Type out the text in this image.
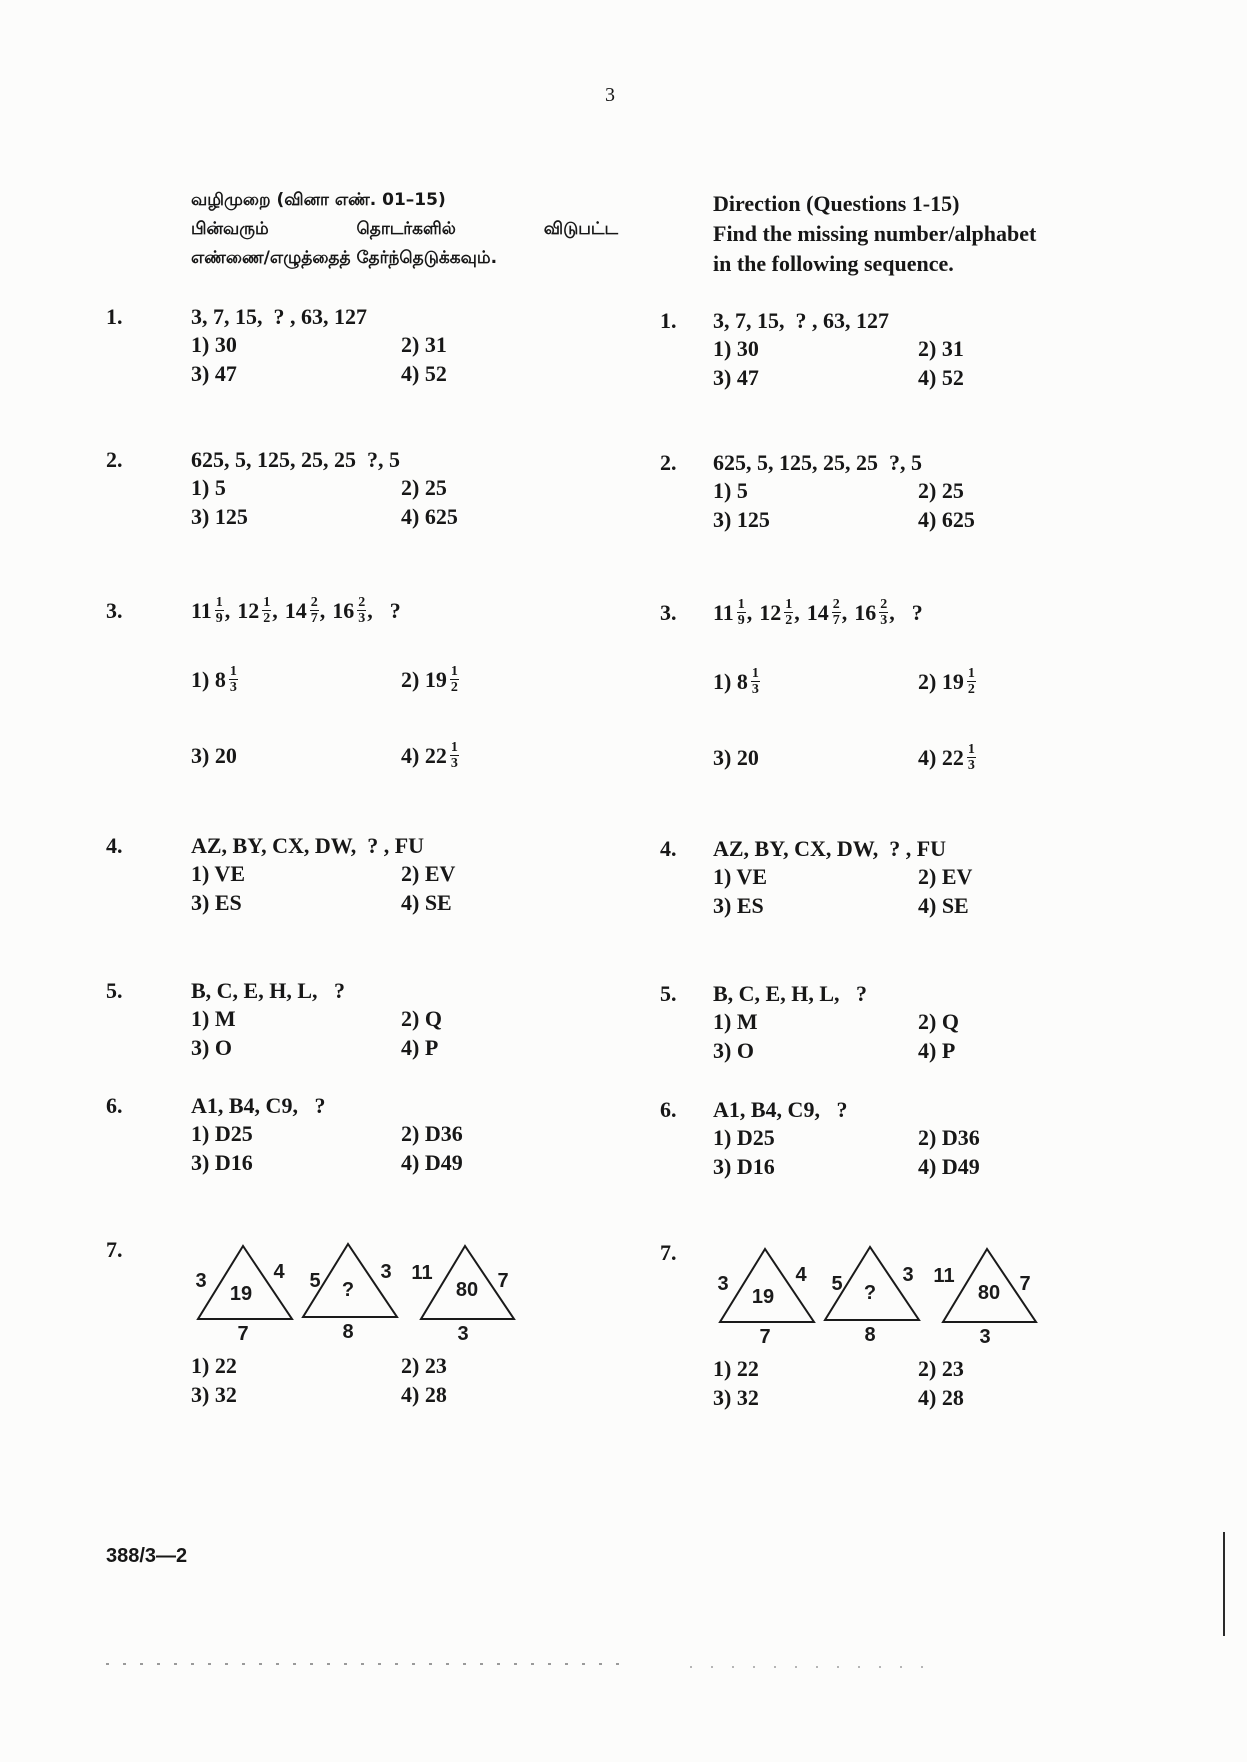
3
வழிமுறை (வினா எண். 01–15)
பின்வரும்	தொடர்களில்	விடுபட்ட
எண்ணை/எழுத்தைத் தேர்ந்தெடுக்கவும்.
Direction (Questions 1-15)
Find the missing number/alphabet
in the following sequence.
1.	3, 7, 15,  ? , 63, 127
1) 30	2) 31
3) 47	4) 52
2.	625, 5, 125, 25, 25  ?, 5
1) 5	2) 25
3) 125	4) 625
3.	$11 \frac{1}{9}$ , $12 \frac{1}{2}$ , $14 \frac{2}{7}$ , $16 \frac{2}{3}$ , ?
1) $8 \frac{1}{3}$	2) $19 \frac{1}{2}$
3) 20	4) $22 \frac{1}{3}$
4.	AZ, BY, CX, DW,  ? , FU
1) VE	2) EV
3) ES	4) SE
5.	B, C, E, H, L,   ?
1) M	2) Q
3) O	4) P
6.	A1, B4, C9,   ?
1) D25	2) D36
3) D16	4) D49
7.
3	4
19
7
5	3
?
8
11	7
80
3
1) 22	2) 23
3) 32	4) 28
1. 3, 7, 15,  ? , 63, 127
1) 30	2) 31
3) 47	4) 52
2. 625, 5, 125, 25, 25  ?, 5
1) 5	2) 25
3) 125	4) 625
3. $11 \frac{1}{9}$ , $12 \frac{1}{2}$ , $14 \frac{2}{7}$ , $16 \frac{2}{3}$ , ?
1) $8 \frac{1}{3}$	2) $19 \frac{1}{2}$
3) 20	4) $22 \frac{1}{3}$
4. AZ, BY, CX, DW,  ? , FU
1) VE	2) EV
3) ES	4) SE
5. B, C, E, H, L,   ?
1) M	2) Q
3) O	4) P
6. A1, B4, C9,   ?
1) D25	2) D36
3) D16	4) D49
7.
3	4
19
7
5	3
?
8
11	7
80
3
1) 22	2) 23
3) 32	4) 28
388/3—2
